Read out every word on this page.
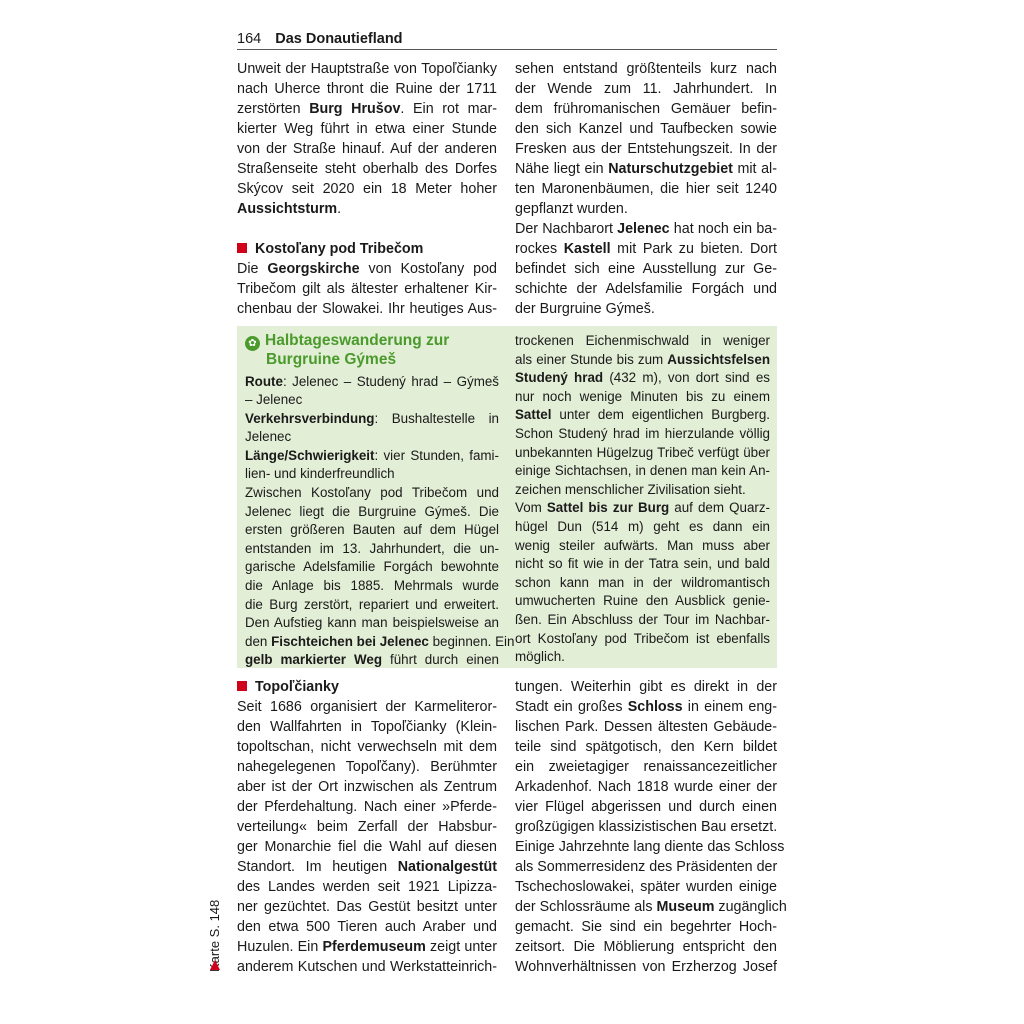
164 Das Donautiefland
Unweit der Hauptstraße von Topoľčianky
nach Uherce thront die Ruine der 1711
zerstörten Burg Hrušov. Ein rot mar-
kierter Weg führt in etwa einer Stunde
von der Straße hinauf. Auf der anderen
Straßenseite steht oberhalb des Dorfes
Skýcov seit 2020 ein 18 Meter hoher
Aussichtsturm.
Kostoľany pod Tribečom
Die Georgskirche von Kostoľany pod
Tribečom gilt als ältester erhaltener Kir-
chenbau der Slowakei. Ihr heutiges Aus-
sehen entstand größtenteils kurz nach
der Wende zum 11. Jahrhundert. In
dem frühromanischen Gemäuer befin-
den sich Kanzel und Taufbecken sowie
Fresken aus der Entstehungszeit. In der
Nähe liegt ein Naturschutzgebiet mit al-
ten Maronenbäumen, die hier seit 1240
gepflanzt wurden.
Der Nachbarort Jelenec hat noch ein ba-
rockes Kastell mit Park zu bieten. Dort
befindet sich eine Ausstellung zur Ge-
schichte der Adelsfamilie Forgách und
der Burgruine Gýmeš.
✿ Halbtageswanderung zur
Burgruine Gýmeš
Route: Jelenec – Studený hrad – Gýmeš
– Jelenec
Verkehrsverbindung: Bushaltestelle in
Jelenec
Länge/Schwierigkeit: vier Stunden, fami-
lien- und kinderfreundlich
Zwischen Kostoľany pod Tribečom und
Jelenec liegt die Burgruine Gýmeš. Die
ersten größeren Bauten auf dem Hügel
entstanden im 13. Jahrhundert, die un-
garische Adelsfamilie Forgách bewohnte
die Anlage bis 1885. Mehrmals wurde
die Burg zerstört, repariert und erweitert.
Den Aufstieg kann man beispielsweise an
den Fischteichen bei Jelenec beginnen. Ein
gelb markierter Weg führt durch einen
trockenen Eichenmischwald in weniger
als einer Stunde bis zum Aussichtsfelsen
Studený hrad (432 m), von dort sind es
nur noch wenige Minuten bis zu einem
Sattel unter dem eigentlichen Burgberg.
Schon Studený hrad im hierzulande völlig
unbekannten Hügelzug Tribeč verfügt über
einige Sichtachsen, in denen man kein An-
zeichen menschlicher Zivilisation sieht.
Vom Sattel bis zur Burg auf dem Quarz-
hügel Dun (514 m) geht es dann ein
wenig steiler aufwärts. Man muss aber
nicht so fit wie in der Tatra sein, und bald
schon kann man in der wildromantisch
umwucherten Ruine den Ausblick genie-
ßen. Ein Abschluss der Tour im Nachbar-
ort Kostoľany pod Tribečom ist ebenfalls
möglich.
Topoľčianky
Seit 1686 organisiert der Karmeliteror-
den Wallfahrten in Topoľčianky (Klein-
topoltschan, nicht verwechseln mit dem
nahegelegenen Topoľčany). Berühmter
aber ist der Ort inzwischen als Zentrum
der Pferdehaltung. Nach einer »Pferde-
verteilung« beim Zerfall der Habsbur-
ger Monarchie fiel die Wahl auf diesen
Standort. Im heutigen Nationalgestüt
des Landes werden seit 1921 Lipizza-
ner gezüchtet. Das Gestüt besitzt unter
den etwa 500 Tieren auch Araber und
Huzulen. Ein Pferdemuseum zeigt unter
anderem Kutschen und Werkstatteinrich-
tungen. Weiterhin gibt es direkt in der
Stadt ein großes Schloss in einem eng-
lischen Park. Dessen ältesten Gebäude-
teile sind spätgotisch, den Kern bildet
ein zweietagiger renaissancezeitlicher
Arkadenhof. Nach 1818 wurde einer der
vier Flügel abgerissen und durch einen
großzügigen klassizistischen Bau ersetzt.
Einige Jahrzehnte lang diente das Schloss
als Sommerresidenz des Präsidenten der
Tschechoslowakei, später wurden einige
der Schlossräume als Museum zugänglich
gemacht. Sie sind ein begehrter Hoch-
zeitsort. Die Möblierung entspricht den
Wohnverhältnissen von Erzherzog Josef
Karte S. 148
